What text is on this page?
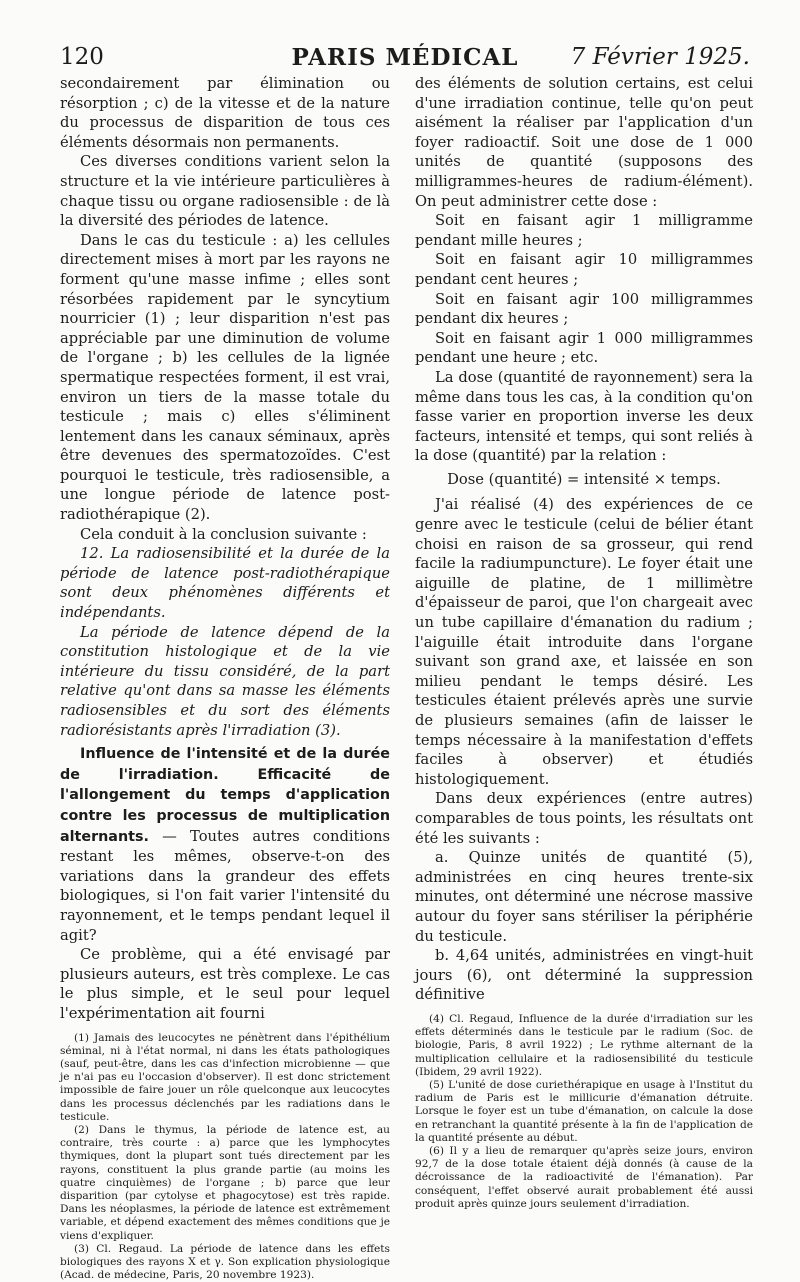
120	PARIS MÉDICAL	7 Février 1925.

secondairement par élimination ou résorption ; c) de la vitesse et de la nature du processus de disparition de tous ces éléments désormais non permanents.

Ces diverses conditions varient selon la structure et la vie intérieure particulières à chaque tissu ou organe radiosensible : de là la diversité des périodes de latence.

Dans le cas du testicule : a) les cellules directement mises à mort par les rayons ne forment qu'une masse infime ; elles sont résorbées rapidement par le syncytium nourricier (1) ; leur disparition n'est pas appréciable par une diminution de volume de l'organe ; b) les cellules de la lignée spermatique respectées forment, il est vrai, environ un tiers de la masse totale du testicule ; mais c) elles s'éliminent lentement dans les canaux séminaux, après être devenues des spermatozoïdes. C'est pourquoi le testicule, très radiosensible, a une longue période de latence post-radiothérapique (2).

Cela conduit à la conclusion suivante :

12. La radiosensibilité et la durée de la période de latence post-radiothérapique sont deux phénomènes différents et indépendants.

La période de latence dépend de la constitution histologique et de la vie intérieure du tissu considéré, de la part relative qu'ont dans sa masse les éléments radiosensibles et du sort des éléments radiorésistants après l'irradiation (3).

Influence de l'intensité et de la durée de l'irradiation. Efficacité de l'allongement du temps d'application contre les processus de multiplication alternants. — Toutes autres conditions restant les mêmes, observe-t-on des variations dans la grandeur des effets biologiques, si l'on fait varier l'intensité du rayonnement, et le temps pendant lequel il agit?

Ce problème, qui a été envisagé par plusieurs auteurs, est très complexe. Le cas le plus simple, et le seul pour lequel l'expérimentation ait fourni

(1) Jamais des leucocytes ne pénètrent dans l'épithélium séminal, ni à l'état normal, ni dans les états pathologiques (sauf, peut-être, dans les cas d'infection microbienne — que je n'ai pas eu l'occasion d'observer). Il est donc strictement impossible de faire jouer un rôle quelconque aux leucocytes dans les processus déclenchés par les radiations dans le testicule.

(2) Dans le thymus, la période de latence est, au contraire, très courte : a) parce que les lymphocytes thymiques, dont la plupart sont tués directement par les rayons, constituent la plus grande partie (au moins les quatre cinquièmes) de l'organe ; b) parce que leur disparition (par cytolyse et phagocytose) est très rapide. Dans les néoplasmes, la période de latence est extrêmement variable, et dépend exactement des mêmes conditions que je viens d'expliquer.

(3) Cl. Regaud. La période de latence dans les effets biologiques des rayons X et γ. Son explication physiologique (Acad. de médecine, Paris, 20 novembre 1923).

des éléments de solution certains, est celui d'une irradiation continue, telle qu'on peut aisément la réaliser par l'application d'un foyer radioactif. Soit une dose de 1 000 unités de quantité (supposons des milligrammes-heures de radium-élément). On peut administrer cette dose :

Soit en faisant agir 1 milligramme pendant mille heures ;

Soit en faisant agir 10 milligrammes pendant cent heures ;

Soit en faisant agir 100 milligrammes pendant dix heures ;

Soit en faisant agir 1 000 milligrammes pendant une heure ; etc.

La dose (quantité de rayonnement) sera la même dans tous les cas, à la condition qu'on fasse varier en proportion inverse les deux facteurs, intensité et temps, qui sont reliés à la dose (quantité) par la relation :

Dose (quantité) = intensité × temps.

J'ai réalisé (4) des expériences de ce genre avec le testicule (celui de bélier étant choisi en raison de sa grosseur, qui rend facile la radiumpuncture). Le foyer était une aiguille de platine, de 1 millimètre d'épaisseur de paroi, que l'on chargeait avec un tube capillaire d'émanation du radium ; l'aiguille était introduite dans l'organe suivant son grand axe, et laissée en son milieu pendant le temps désiré. Les testicules étaient prélevés après une survie de plusieurs semaines (afin de laisser le temps nécessaire à la manifestation d'effets faciles à observer) et étudiés histologiquement.

Dans deux expériences (entre autres) comparables de tous points, les résultats ont été les suivants :

a. Quinze unités de quantité (5), administrées en cinq heures trente-six minutes, ont déterminé une nécrose massive autour du foyer sans stériliser la périphérie du testicule.

b. 4,64 unités, administrées en vingt-huit jours (6), ont déterminé la suppression définitive

(4) Cl. Regaud, Influence de la durée d'irradiation sur les effets déterminés dans le testicule par le radium (Soc. de biologie, Paris, 8 avril 1922) ; Le rythme alternant de la multiplication cellulaire et la radiosensibilité du testicule (Ibidem, 29 avril 1922).

(5) L'unité de dose curiethérapique en usage à l'Institut du radium de Paris est le millicurie d'émanation détruite. Lorsque le foyer est un tube d'émanation, on calcule la dose en retranchant la quantité présente à la fin de l'application de la quantité présente au début.

(6) Il y a lieu de remarquer qu'après seize jours, environ 92,7 de la dose totale étaient déjà donnés (à cause de la décroissance de la radioactivité de l'émanation). Par conséquent, l'effet observé aurait probablement été aussi produit après quinze jours seulement d'irradiation.
